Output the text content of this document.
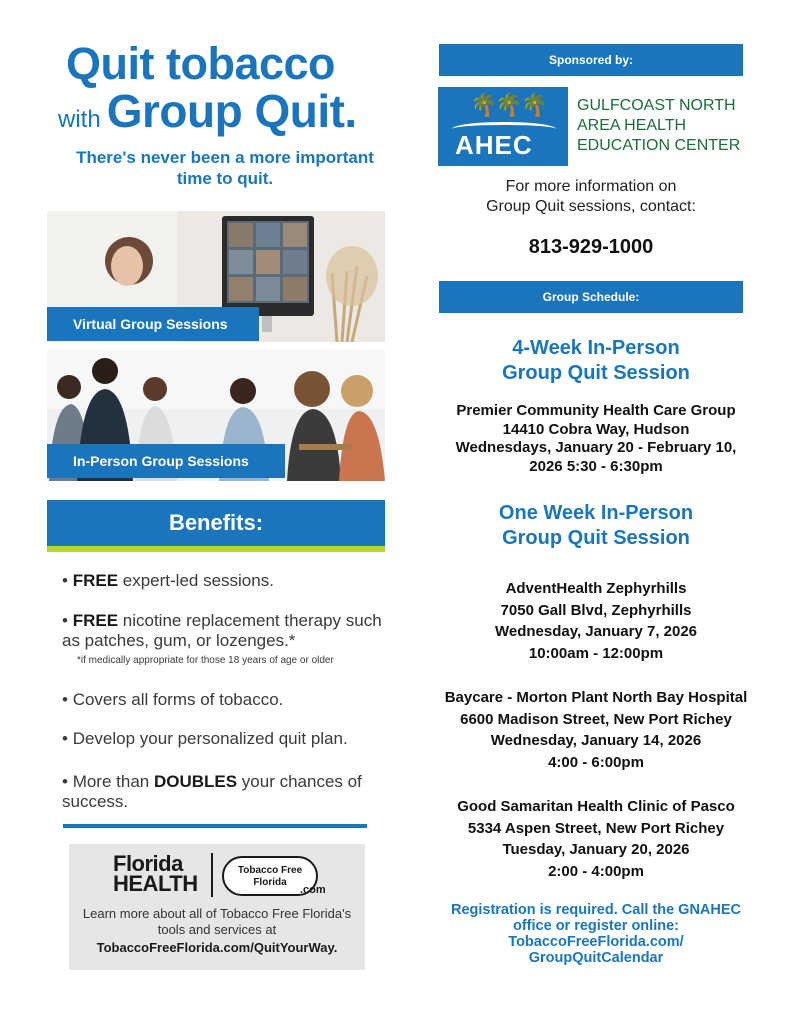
Quit tobacco
with Group Quit.
There's never been a more important time to quit.
Virtual Group Sessions
In-Person Group Sessions
Benefits:
• FREE expert-led sessions.
• FREE nicotine replacement therapy such as patches, gum, or lozenges.*
*if medically appropriate for those 18 years of age or older
• Covers all forms of tobacco.
• Develop your personalized quit plan.
• More than DOUBLES your chances of success.
Florida
HEALTH
Tobacco Free
Florida
.com
Learn more about all of Tobacco Free Florida's tools and services at
TobaccoFreeFlorida.com/QuitYourWay.
Sponsored by:
🌴🌴🌴
AHEC
GULFCOAST NORTH
AREA HEALTH
EDUCATION CENTER
For more information on
Group Quit sessions, contact:
813-929-1000
Group Schedule:
4-Week In-Person
Group Quit Session
Premier Community Health Care Group
14410 Cobra Way, Hudson
Wednesdays, January 20 - February 10,
2026 5:30 - 6:30pm
One Week In-Person
Group Quit Session
AdventHealth Zephyrhills
7050 Gall Blvd, Zephyrhills
Wednesday, January 7, 2026
10:00am - 12:00pm
Baycare - Morton Plant North Bay Hospital
6600 Madison Street, New Port Richey
Wednesday, January 14, 2026
4:00 - 6:00pm
Good Samaritan Health Clinic of Pasco
5334 Aspen Street, New Port Richey
Tuesday, January 20, 2026
2:00 - 4:00pm
Registration is required. Call the GNAHEC
office or register online:
TobaccoFreeFlorida.com/
GroupQuitCalendar
